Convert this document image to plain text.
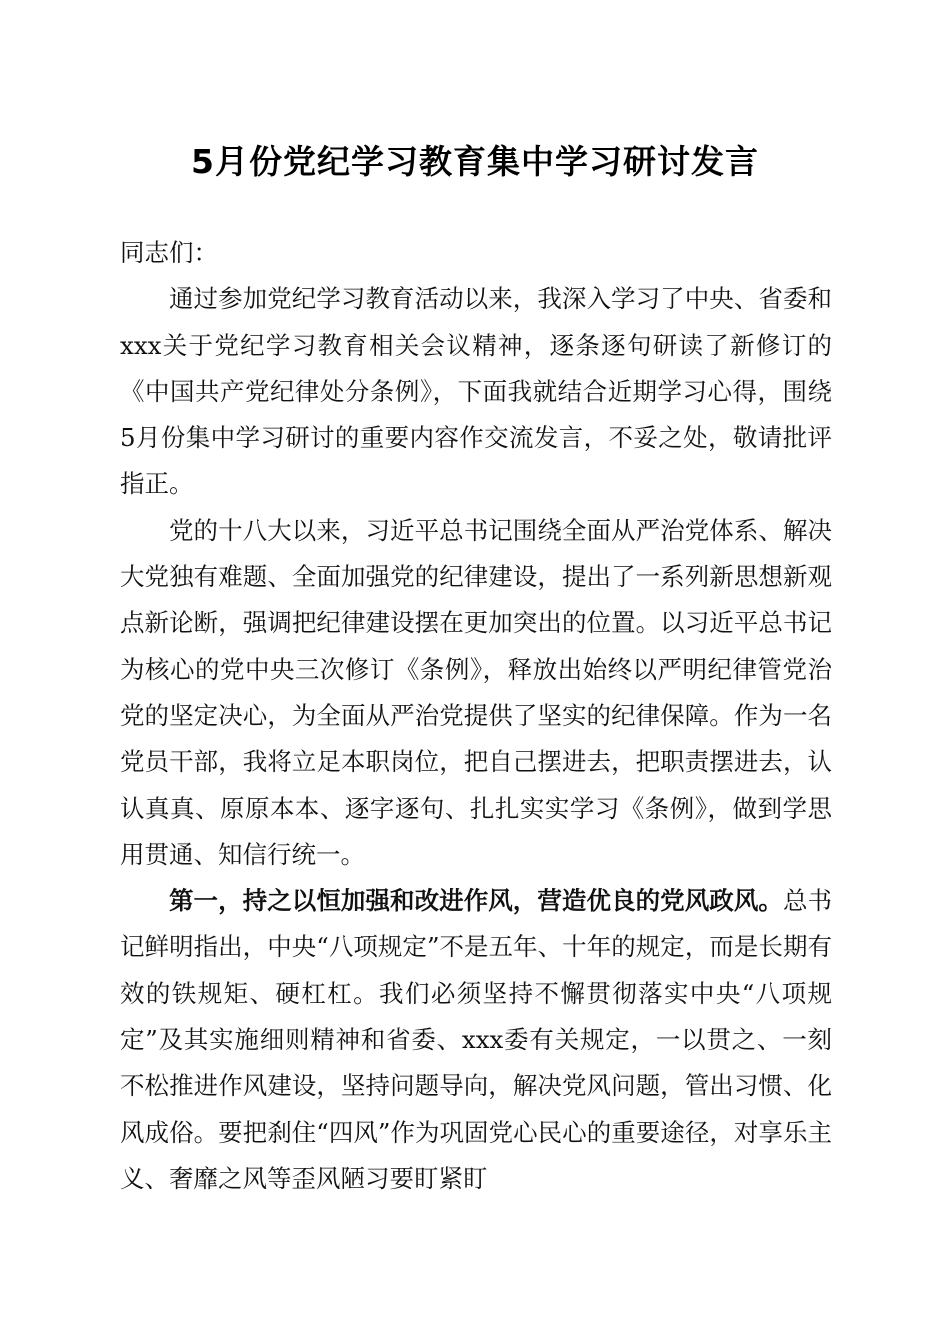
5月份党纪学习教育集中学习研讨发言

同志们：

通过参加党纪学习教育活动以来，我深入学习了中央、省委和xxx关于党纪学习教育相关会议精神，逐条逐句研读了新修订的《中国共产党纪律处分条例》，下面我就结合近期学习心得，围绕5月份集中学习研讨的重要内容作交流发言，不妥之处，敬请批评指正。

党的十八大以来，习近平总书记围绕全面从严治党体系、解决大党独有难题、全面加强党的纪律建设，提出了一系列新思想新观点新论断，强调把纪律建设摆在更加突出的位置。以习近平总书记为核心的党中央三次修订《条例》，释放出始终以严明纪律管党治党的坚定决心，为全面从严治党提供了坚实的纪律保障。作为一名党员干部，我将立足本职岗位，把自己摆进去，把职责摆进去，认认真真、原原本本、逐字逐句、扎扎实实学习《条例》，做到学思用贯通、知信行统一。

第一，持之以恒加强和改进作风，营造优良的党风政风。总书记鲜明指出，中央“八项规定”不是五年、十年的规定，而是长期有效的铁规矩、硬杠杠。我们必须坚持不懈贯彻落实中央“八项规定”及其实施细则精神和省委、xxx委有关规定，一以贯之、一刻不松推进作风建设，坚持问题导向，解决党风问题，管出习惯、化风成俗。要把刹住“四风”作为巩固党心民心的重要途径，对享乐主义、奢靡之风等歪风陋习要盯紧盯
